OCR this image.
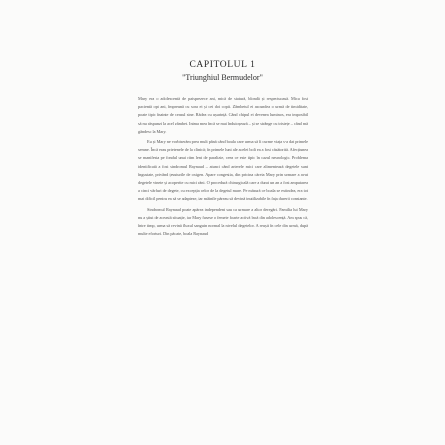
CAPITOLUL 1
"Triunghiul Bermudelor"

Mary era o adolescentă de paisprezece ani, mică de statură, blondă și respectuoasă. Mica fost pacientă opt ani, împreună cu sora ei și cei doi copii. Zâmbetul ei ascundea o urmă de timiditate, poate tipic înainte de ceasul sine. Rădea cu ușurință. Când chipul ei devenea luminos, era imposibil să nu răspunzi la acel zâmbet. Inima mea încă se mai înduioșează – și se strânge cu tristețe – când mă gândesc la Mary.

Eu și Mary ne vorbiserăm prea mult până când boala care urma să îi curme viața s-a dat primele semne. Încă erau prietenele de la clinică; în primele luni ale acelei boli ea a fost căsătorită. Afecțiunea se manifesta pe fondul unui ritm lent de paralizie, ceea ce este tipic în cazul neurologic. Problema identificată a fost sindromul Raynaud – atunci când arterele mici care alimentează degetele sunt îngustate, privând țesuturile de oxigen. Apare congestia, din pricina căreia Mary prin urmare a avut degetele vinete și acoperite cu mici răni. O procedură chirurgicală care a durat un an a fost amputarea a cinci vârfuri de degete, cu excepția celor de la degetul mare. Pe măsură ce boala se extindea, era tot mai dificil pentru ea să se adapteze, iar mâinile păreau să devină inutilizabile în fața durerii constante.

Sindromul Raynaud poate apărea independent sau ca urmare a altor deregări. Familia lui Mary nu a știut de această situație, iar Mary fusese o femeie foarte activă încă din adolescență. Am spus că, între timp, urma să revină fluxul sanguin normal la nivelul degetelor. A reușit în cele din urmă, după multe eforturi. Din păcate, boala Raynaud
